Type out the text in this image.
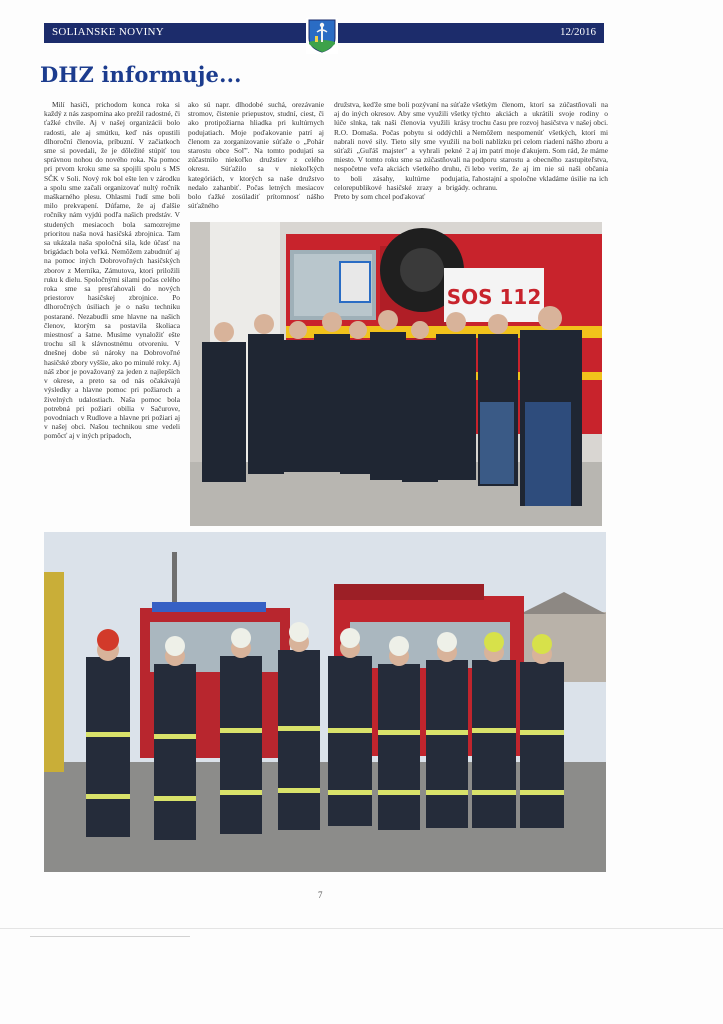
SOLIANSKE NOVINY	12/2016
DHZ informuje...

Milí hasiči, prichodom konca roka si každý z nás zaspomína ako prežil radostné, či ťažké chvíle. Aj v našej organizácii bolo radosti, ale aj smútku, keď nás opustili dlhoroční členovia, príbuzní. V začiatkoch sme si povedali, že je dôležité stúpiť tou správnou nohou do nového roka. Na pomoc pri prvom kroku sme sa spojili spolu s MS SČK v Soli. Nový rok bol ešte len v zárodku a spolu sme začali organizovať nultý ročník maškarného plesu. Ohlasmi ľudí sme boli milo prekvapení. Dúfame, že aj ďalšie ročníky nám vyjdú podľa našich predstáv. V studených mesiacoch bola samozrejme prioritou naša nová hasičská zbrojnica. Tam sa ukázala naša spoločná sila, kde účasť na brigádach bola veľká. Nemôžem zabudnúť aj na pomoc iných Dobrovoľných hasičských zborov z Merníka, Zámutova, ktorí priložili ruku k dielu. Spoločnými silami počas celého roka sme sa presťahovali do nových priestorov hasičskej zbrojnice. Po dlhoročných úsiliach je o našu techniku postarané. Nezabudli sme hlavne na našich členov, ktorým sa postavila školiaca miestnosť a šatne. Musíme vynaložiť ešte trochu síl k slávnostnému otvoreniu. V dnešnej dobe sú nároky na Dobrovoľné hasičské zbory vyššie, ako po minulé roky. Aj náš zbor je považovaný za jeden z najlepších v okrese, a preto sa od nás očakávajú výsledky a hlavne pomoc pri požiaroch a živelných udalostiach. Naša pomoc bola potrebná pri požiari obilia v Sačurove, povodniach v Rudlove a hlavne pri požiari aj v našej obci. Našou technikou sme vedeli pomôcť aj v iných prípadoch,

ako sú napr. dlhodobé suchá, orezávanie stromov, čistenie priepustov, studní, ciest, či ako protipožiarna hliadka pri kultúrnych podujatiach. Moje poďakovanie patrí aj členom za zorganizovanie súťaže o „Pohár starostu obce Soľ". Na tomto podujatí sa zúčastnilo niekoľko družstiev z celého okresu. Súťažilo sa v niekoľkých kategóriách, v ktorých sa naše družstvo nedalo zahanbiť. Počas letných mesiacov bolo ťažké zosúladiť prítomnosť nášho súťažného

družstva, keďže sme boli pozývaní na súťaže aj do iných okresov. Aby sme využili všetky lúče slnka, tak naši členovia využili krásy R.O. Domaša. Počas pobytu si oddýchli a nabrali nové sily. Tieto sily sme využili na súťaži „Guľáš majster" a vyhrali pekné 2 miesto. V tomto roku sme sa zúčastňovali na nespočetne veľa akciách všetkého druhu, či to boli zásahy, kultúrne podujatia, celorepublikové hasičské zrazy a brigády. Preto by som chcel poďakovať

všetkým členom, ktorí sa zúčastňovali na týchto akciách a ukrátili svoje rodiny o trochu času pre rozvoj hasičstva v našej obci. Nemôžem nespomenúť všetkých, ktorí mi boli nablízku pri celom riadení nášho zboru a aj im patrí moje ďakujem. Som rád, že máme podporu starostu a obecného zastupiteľstva, lebo verím, že aj im nie sú naši občania ľahostajní a spoločne vkladáme úsilie na ich ochranu.

SOS 112
7
